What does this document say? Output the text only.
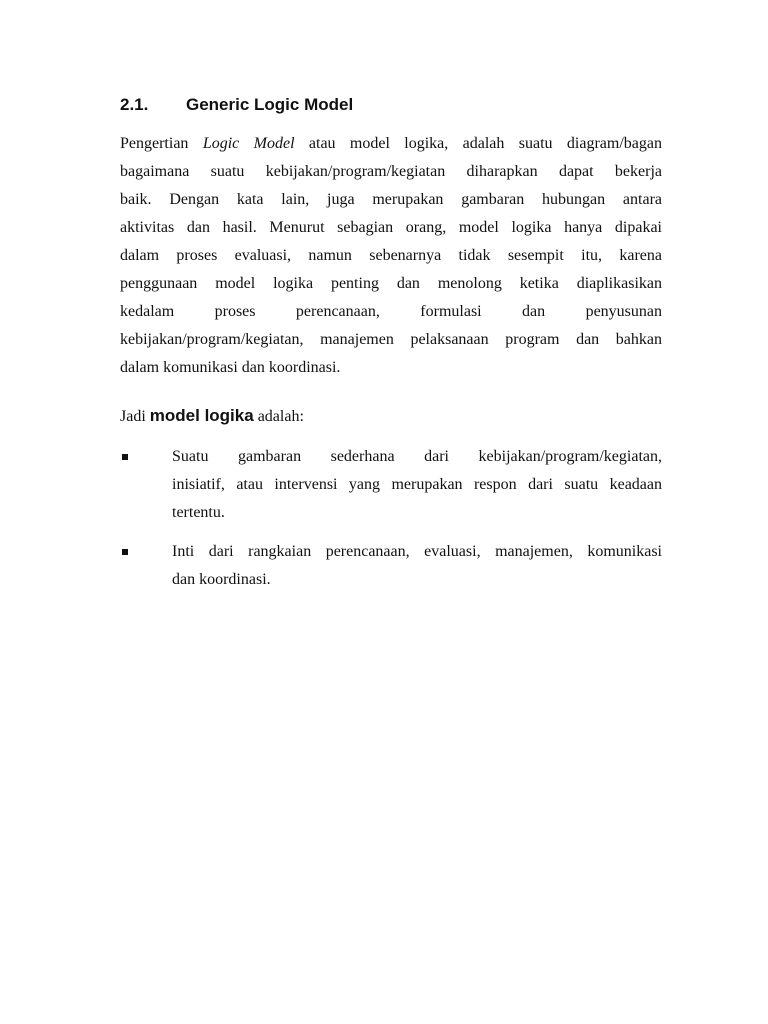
2.1. Generic Logic Model
Pengertian Logic Model atau model logika, adalah suatu diagram/bagan
bagaimana suatu kebijakan/program/kegiatan diharapkan dapat bekerja
baik. Dengan kata lain, juga merupakan gambaran hubungan antara
aktivitas dan hasil. Menurut sebagian orang, model logika hanya dipakai
dalam proses evaluasi, namun sebenarnya tidak sesempit itu, karena
penggunaan model logika penting dan menolong ketika diaplikasikan
kedalam proses perencanaan, formulasi dan penyusunan
kebijakan/program/kegiatan, manajemen pelaksanaan program dan bahkan
dalam komunikasi dan koordinasi.
Jadi model logika adalah:
Suatu gambaran sederhana dari kebijakan/program/kegiatan,
inisiatif, atau intervensi yang merupakan respon dari suatu keadaan
tertentu.
Inti dari rangkaian perencanaan, evaluasi, manajemen, komunikasi
dan koordinasi.
